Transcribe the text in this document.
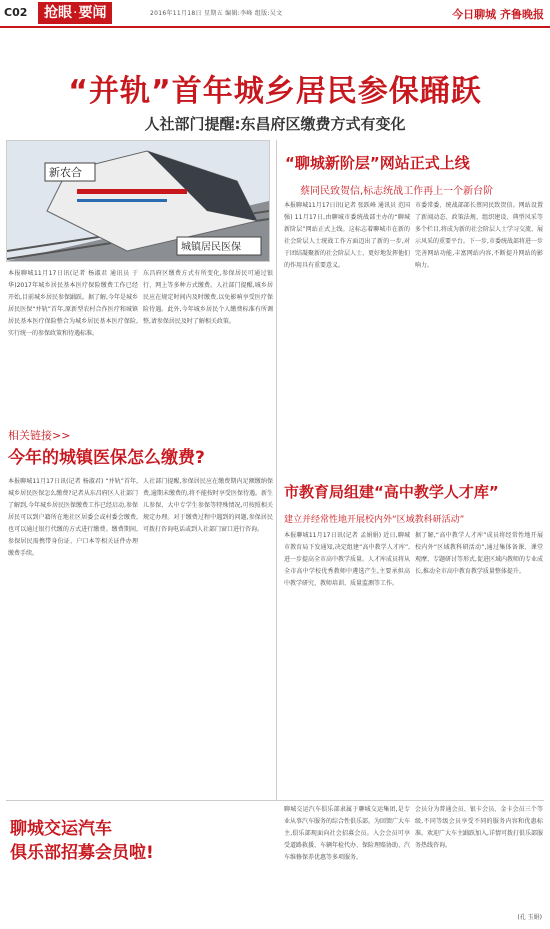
C02	抢眼·要闻	2016年11月18日 星期五 编辑:李峰 组版:吴文	今日聊城 齐鲁晚报
“并轨”首年城乡居民参保踊跃
人社部门提醒:东昌府区缴费方式有变化
新农合
城镇居民医保
本报聊城11月17日讯(记者 杨淑君 通讯员 于华)2017年城乡居民基本医疗保险缴费工作已经开始,目前城乡居民参保踊跃。据了解,今年是城乡居民医保“并轨”首年,原新型农村合作医疗和城镇居民基本医疗保险整合为城乡居民基本医疗保险,实行统一的参保政策和待遇标准。
东昌府区缴费方式有所变化,参保居民可通过银行、网上等多种方式缴费。人社部门提醒,城乡居民应在规定时间内及时缴费,以免影响享受医疗保险待遇。此外,今年城乡居民个人缴费标准有所调整,请参保居民及时了解相关政策。
相关链接>>
今年的城镇医保怎么缴费?
本报聊城11月17日讯(记者 杨淑君) “并轨”首年,城乡居民医保怎么缴费?记者从东昌府区人社部门了解到,今年城乡居民医保缴费工作已经启动,参保居民可以到户籍所在地社区居委会或村委会缴费,也可以通过银行代缴的方式进行缴费。缴费期间,参保居民需携带身份证、户口本等相关证件办理缴费手续。
人社部门提醒,参保居民应在缴费期内足额缴纳保费,逾期未缴费的,将不能按时享受医保待遇。新生儿参保、大中专学生参保等特殊情况,可按照相关规定办理。对于缴费过程中遇到的问题,参保居民可拨打咨询电话或到人社部门窗口进行咨询。
“聊城新阶层”网站正式上线
蔡同民致贺信,标志统战工作再上一个新台阶
本报聊城11月17日讯(记者 张跃峰 通讯员 范国强) 11月17日,由聊城市委统战部主办的“聊城新阶层”网站正式上线。这标志着聊城市在新的社会阶层人士统战工作方面迈出了新的一步,对于团结凝聚新的社会阶层人士、更好地发挥他们的作用具有重要意义。
市委常委、统战部部长蔡同民致贺信。网站设置了新闻动态、政策法规、组织建设、典型风采等多个栏目,将成为新的社会阶层人士学习交流、展示风采的重要平台。下一步,市委统战部将进一步完善网站功能,丰富网站内容,不断提升网站的影响力。
市教育局组建“高中教学人才库”
建立并经常性地开展校内外“区域教科研活动”
本报聊城11月17日讯(记者 孟娟娟) 近日,聊城市教育局下发通知,决定组建“高中教学人才库”,进一步提高全市高中教学质量。人才库成员将从全市高中学校优秀教师中遴选产生,主要承担高中教学研究、教师培训、质量监测等工作。
据了解,“高中教学人才库”成员将经常性地开展校内外“区域教科研活动”,通过集体备课、课堂观摩、专题研讨等形式,促进区域内教师的专业成长,推动全市高中教育教学质量整体提升。
聊城交运汽车
俱乐部招募会员啦!
聊城交运汽车俱乐部隶属于聊城交运集团,是专业从事汽车服务的综合性俱乐部。为回馈广大车主,俱乐部现面向社会招募会员。入会会员可享受道路救援、车辆年检代办、保险理赔协助、汽车维修保养优惠等多项服务。
会员分为普通会员、银卡会员、金卡会员三个等级,不同等级会员享受不同的服务内容和优惠标准。欢迎广大车主踊跃加入,详情可拨打俱乐部服务热线咨询。
(孔 玉娟)
